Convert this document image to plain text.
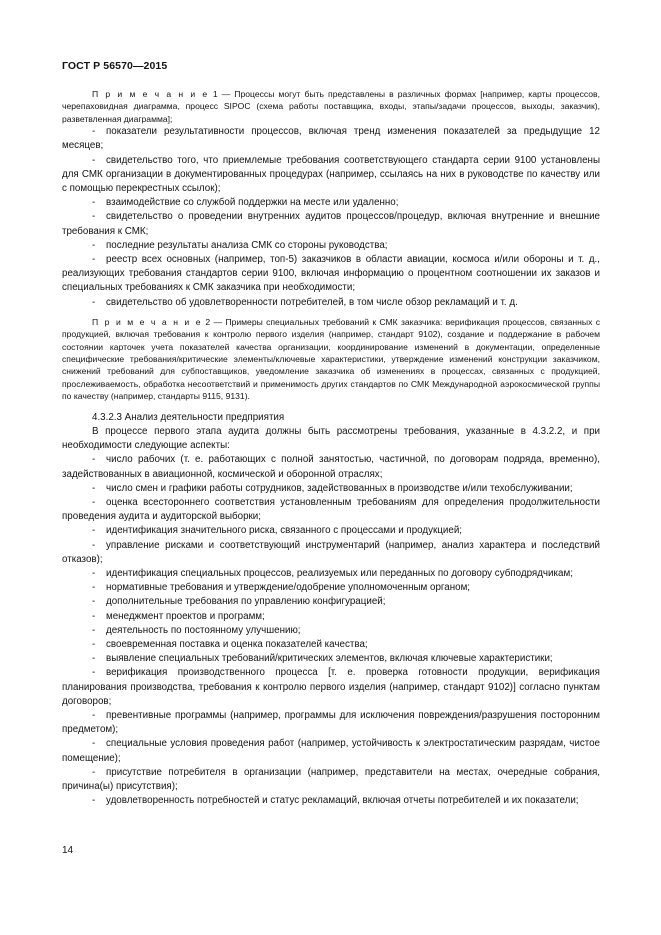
ГОСТ Р 56570—2015

П р и м е ч а н и е 1 — Процессы могут быть представлены в различных формах [например, карты процессов, черепаховидная диаграмма, процесс SIPOC (схема работы поставщика, входы, этапы/задачи процессов, выходы, заказчик), разветвленная диаграмма];

- показатели результативности процессов, включая тренд изменения показателей за предыдущие 12 месяцев;

- свидетельство того, что приемлемые требования соответствующего стандарта серии 9100 установлены для СМК организации в документированных процедурах (например, ссылаясь на них в руководстве по качеству или с помощью перекрестных ссылок);

- взаимодействие со службой поддержки на месте или удаленно;

- свидетельство о проведении внутренних аудитов процессов/процедур, включая внутренние и внешние требования к СМК;

- последние результаты анализа СМК со стороны руководства;

- реестр всех основных (например, топ-5) заказчиков в области авиации, космоса и/или обороны и т. д., реализующих требования стандартов серии 9100, включая информацию о процентном соотношении их заказов и специальных требованиях к СМК заказчика при необходимости;

- свидетельство об удовлетворенности потребителей, в том числе обзор рекламаций и т. д.

П р и м е ч а н и е 2 — Примеры специальных требований к СМК заказчика: верификация процессов, связанных с продукцией, включая требования к контролю первого изделия (например, стандарт 9102), создание и поддержание в рабочем состоянии карточек учета показателей качества организации, координирование изменений в документации, определенные специфические требования/критические элементы/ключевые характеристики, утверждение изменений конструкции заказчиком, снижений требований для субпоставщиков, уведомление заказчика об изменениях в процессах, связанных с продукцией, прослеживаемость, обработка несоответствий и применимость других стандартов по СМК Международной аэрокосмической группы по качеству (например, стандарты 9115, 9131).

4.3.2.3 Анализ деятельности предприятия

В процессе первого этапа аудита должны быть рассмотрены требования, указанные в 4.3.2.2, и при необходимости следующие аспекты:

- число рабочих (т. е. работающих с полной занятостью, частичной, по договорам подряда, временно), задействованных в авиационной, космической и оборонной отраслях;

- число смен и графики работы сотрудников, задействованных в производстве и/или техобслуживании;

- оценка всестороннего соответствия установленным требованиям для определения продолжительности проведения аудита и аудиторской выборки;

- идентификация значительного риска, связанного с процессами и продукцией;

- управление рисками и соответствующий инструментарий (например, анализ характера и последствий отказов);

- идентификация специальных процессов, реализуемых или переданных по договору субподрядчикам;

- нормативные требования и утверждение/одобрение уполномоченным органом;

- дополнительные требования по управлению конфигурацией;

- менеджмент проектов и программ;

- деятельность по постоянному улучшению;

- своевременная поставка и оценка показателей качества;

- выявление специальных требований/критических элементов, включая ключевые характеристики;

- верификация производственного процесса [т. е. проверка готовности продукции, верификация планирования производства, требования к контролю первого изделия (например, стандарт 9102)] согласно пунктам договоров;

- превентивные программы (например, программы для исключения повреждения/разрушения посторонним предметом);

- специальные условия проведения работ (например, устойчивость к электростатическим разрядам, чистое помещение);

- присутствие потребителя в организации (например, представители на местах, очередные собрания, причина(ы) присутствия);

- удовлетворенность потребностей и статус рекламаций, включая отчеты потребителей и их показатели;

14
